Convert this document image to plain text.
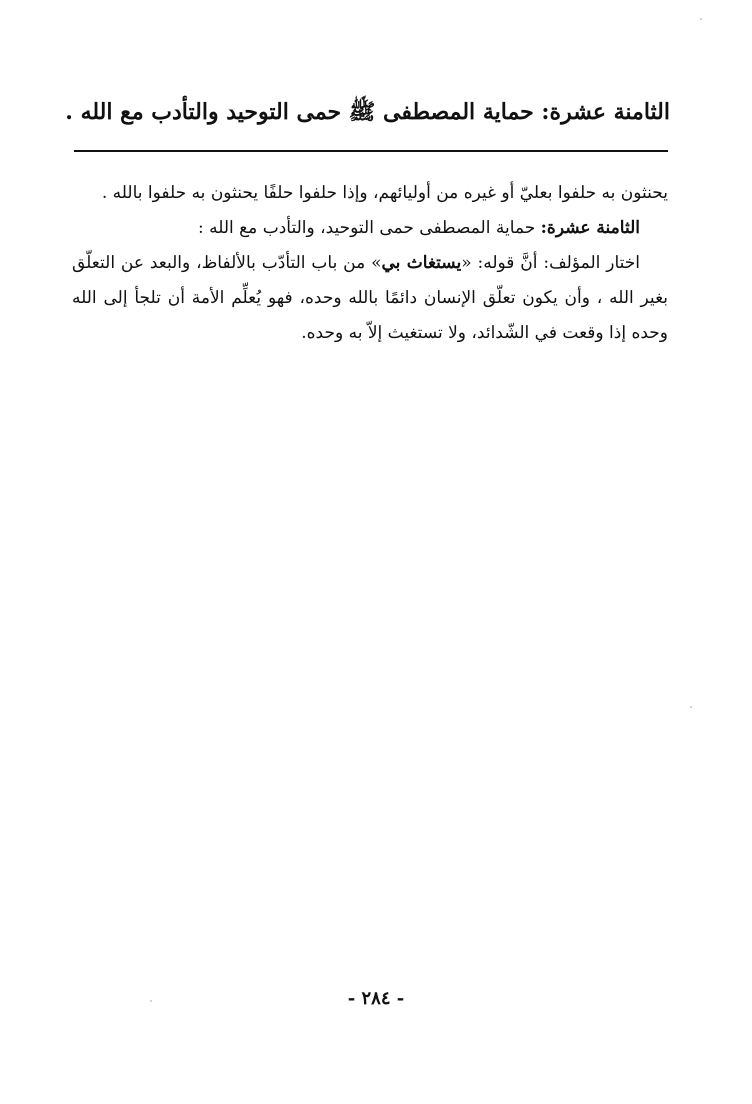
الثامنة عشرة: حماية المصطفى ﷺ حمى التوحيد والتأدب مع الله .

يحنثون به حلفوا بعليّ أو غيره من أوليائهم، وإذا حلفوا حلفًا يحنثون به حلفوا بالله .

الثامنة عشرة: حماية المصطفى حمى التوحيد، والتأدب مع الله :

اختار المؤلف: أنَّ قوله: «يستغاث بي» من باب التأدّب بالألفاظ، والبعد عن التعلّق بغير الله ، وأن يكون تعلّق الإنسان دائمًا بالله وحده، فهو يُعلِّم الأمة أن تلجأ إلى الله وحده إذا وقعت في الشّدائد، ولا تستغيث إلاّ به وحده.

- ٢٨٤ -
